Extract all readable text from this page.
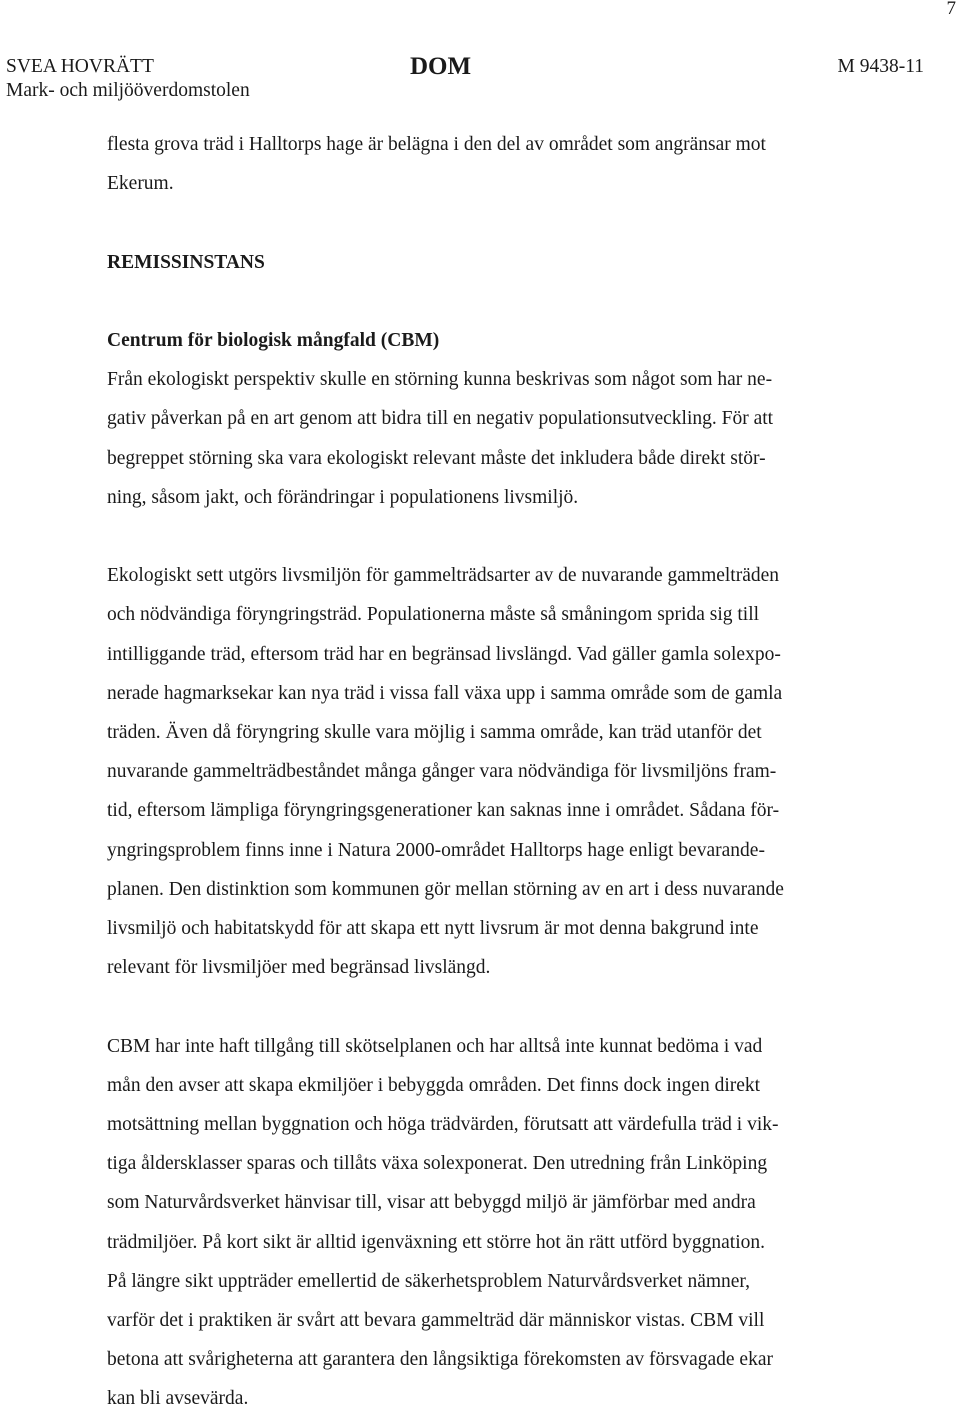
7
SVEA HOVRÄTT
Mark- och miljööverdomstolen
DOM	M 9438-11

flesta grova träd i Halltorps hage är belägna i den del av området som angränsar mot

Ekerum.

REMISSINSTANS

Centrum för biologisk mångfald (CBM)

Från ekologiskt perspektiv skulle en störning kunna beskrivas som något som har ne-

gativ påverkan på en art genom att bidra till en negativ populationsutveckling. För att

begreppet störning ska vara ekologiskt relevant måste det inkludera både direkt stör-

ning, såsom jakt, och förändringar i populationens livsmiljö.

Ekologiskt sett utgörs livsmiljön för gammelträdsarter av de nuvarande gammelträden

och nödvändiga föryngringsträd. Populationerna måste så småningom sprida sig till

intilliggande träd, eftersom träd har en begränsad livslängd. Vad gäller gamla solexpo-

nerade hagmarksekar kan nya träd i vissa fall växa upp i samma område som de gamla

träden. Även då föryngring skulle vara möjlig i samma område, kan träd utanför det

nuvarande gammelträdbeståndet många gånger vara nödvändiga för livsmiljöns fram-

tid, eftersom lämpliga föryngringsgenerationer kan saknas inne i området. Sådana för-

yngringsproblem finns inne i Natura 2000-området Halltorps hage enligt bevarande-

planen. Den distinktion som kommunen gör mellan störning av en art i dess nuvarande

livsmiljö och habitatskydd för att skapa ett nytt livsrum är mot denna bakgrund inte

relevant för livsmiljöer med begränsad livslängd.

CBM har inte haft tillgång till skötselplanen och har alltså inte kunnat bedöma i vad

mån den avser att skapa ekmiljöer i bebyggda områden. Det finns dock ingen direkt

motsättning mellan byggnation och höga trädvärden, förutsatt att värdefulla träd i vik-

tiga åldersklasser sparas och tillåts växa solexponerat. Den utredning från Linköping

som Naturvårdsverket hänvisar till, visar att bebyggd miljö är jämförbar med andra

trädmiljöer. På kort sikt är alltid igenväxning ett större hot än rätt utförd byggnation.

På längre sikt uppträder emellertid de säkerhetsproblem Naturvårdsverket nämner,

varför det i praktiken är svårt att bevara gammelträd där människor vistas. CBM vill

betona att svårigheterna att garantera den långsiktiga förekomsten av försvagade ekar

kan bli avsevärda.
